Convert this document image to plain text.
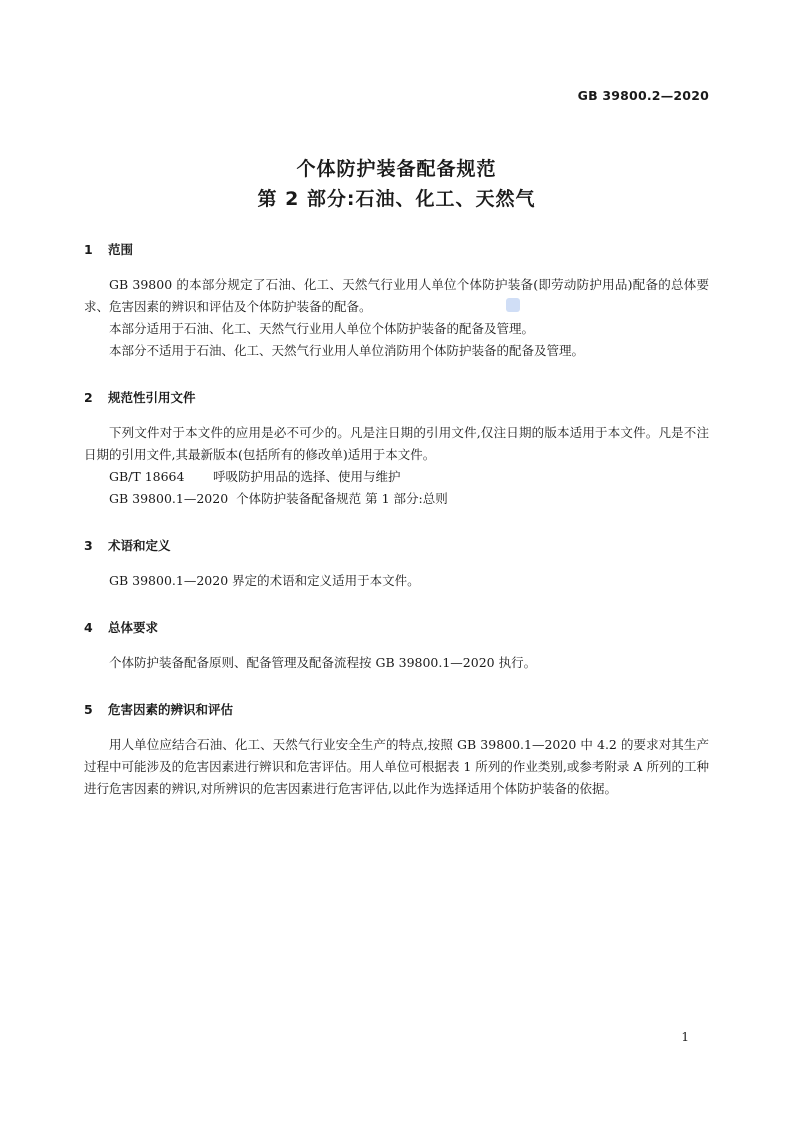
GB 39800.2—2020
个体防护装备配备规范
第 2 部分:石油、化工、天然气
1 范围

GB 39800 的本部分规定了石油、化工、天然气行业用人单位个体防护装备(即劳动防护用品)配备的总体要求、危害因素的辨识和评估及个体防护装备的配备。

本部分适用于石油、化工、天然气行业用人单位个体防护装备的配备及管理。

本部分不适用于石油、化工、天然气行业用人单位消防用个体防护装备的配备及管理。

2 规范性引用文件

下列文件对于本文件的应用是必不可少的。凡是注日期的引用文件,仅注日期的版本适用于本文件。凡是不注日期的引用文件,其最新版本(包括所有的修改单)适用于本文件。

GB/T 18664 呼吸防护用品的选择、使用与维护

GB 39800.1—2020 个体防护装备配备规范 第 1 部分:总则

3 术语和定义

GB 39800.1—2020 界定的术语和定义适用于本文件。

4 总体要求

个体防护装备配备原则、配备管理及配备流程按 GB 39800.1—2020 执行。

5 危害因素的辨识和评估

用人单位应结合石油、化工、天然气行业安全生产的特点,按照 GB 39800.1—2020 中 4.2 的要求对其生产过程中可能涉及的危害因素进行辨识和危害评估。用人单位可根据表 1 所列的作业类别,或参考附录 A 所列的工种进行危害因素的辨识,对所辨识的危害因素进行危害评估,以此作为选择适用个体防护装备的依据。

1
